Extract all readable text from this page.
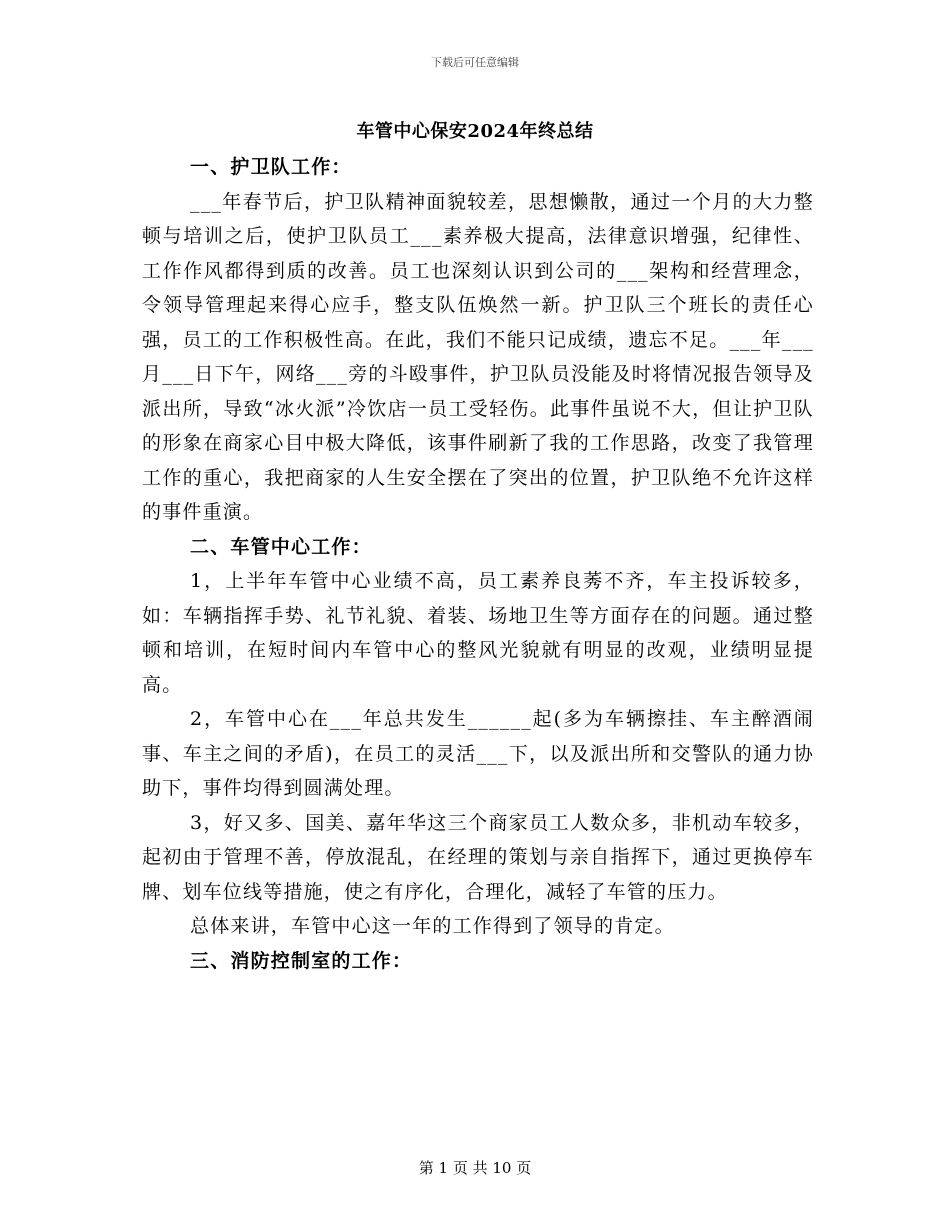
下载后可任意编辑
车管中心保安2024年终总结
一、护卫队工作：

___年春节后，护卫队精神面貌较差，思想懒散，通过一个月的大力整顿与培训之后，使护卫队员工___素养极大提高，法律意识增强，纪律性、工作作风都得到质的改善。员工也深刻认识到公司的___架构和经营理念，令领导管理起来得心应手，整支队伍焕然一新。护卫队三个班长的责任心强，员工的工作积极性高。在此，我们不能只记成绩，遗忘不足。___年___月___日下午，网络___旁的斗殴事件，护卫队员没能及时将情况报告领导及派出所，导致“冰火派”冷饮店一员工受轻伤。此事件虽说不大，但让护卫队的形象在商家心目中极大降低，该事件刷新了我的工作思路，改变了我管理工作的重心，我把商家的人生安全摆在了突出的位置，护卫队绝不允许这样的事件重演。

二、车管中心工作：

1，上半年车管中心业绩不高，员工素养良莠不齐，车主投诉较多，如：车辆指挥手势、礼节礼貌、着装、场地卫生等方面存在的问题。通过整顿和培训，在短时间内车管中心的整风光貌就有明显的改观，业绩明显提高。

2，车管中心在___年总共发生______起(多为车辆擦挂、车主醉酒闹事、车主之间的矛盾)，在员工的灵活___下，以及派出所和交警队的通力协助下，事件均得到圆满处理。

3，好又多、国美、嘉年华这三个商家员工人数众多，非机动车较多，起初由于管理不善，停放混乱，在经理的策划与亲自指挥下，通过更换停车牌、划车位线等措施，使之有序化，合理化，减轻了车管的压力。

总体来讲，车管中心这一年的工作得到了领导的肯定。

三、消防控制室的工作：
第 1 页 共 10 页
